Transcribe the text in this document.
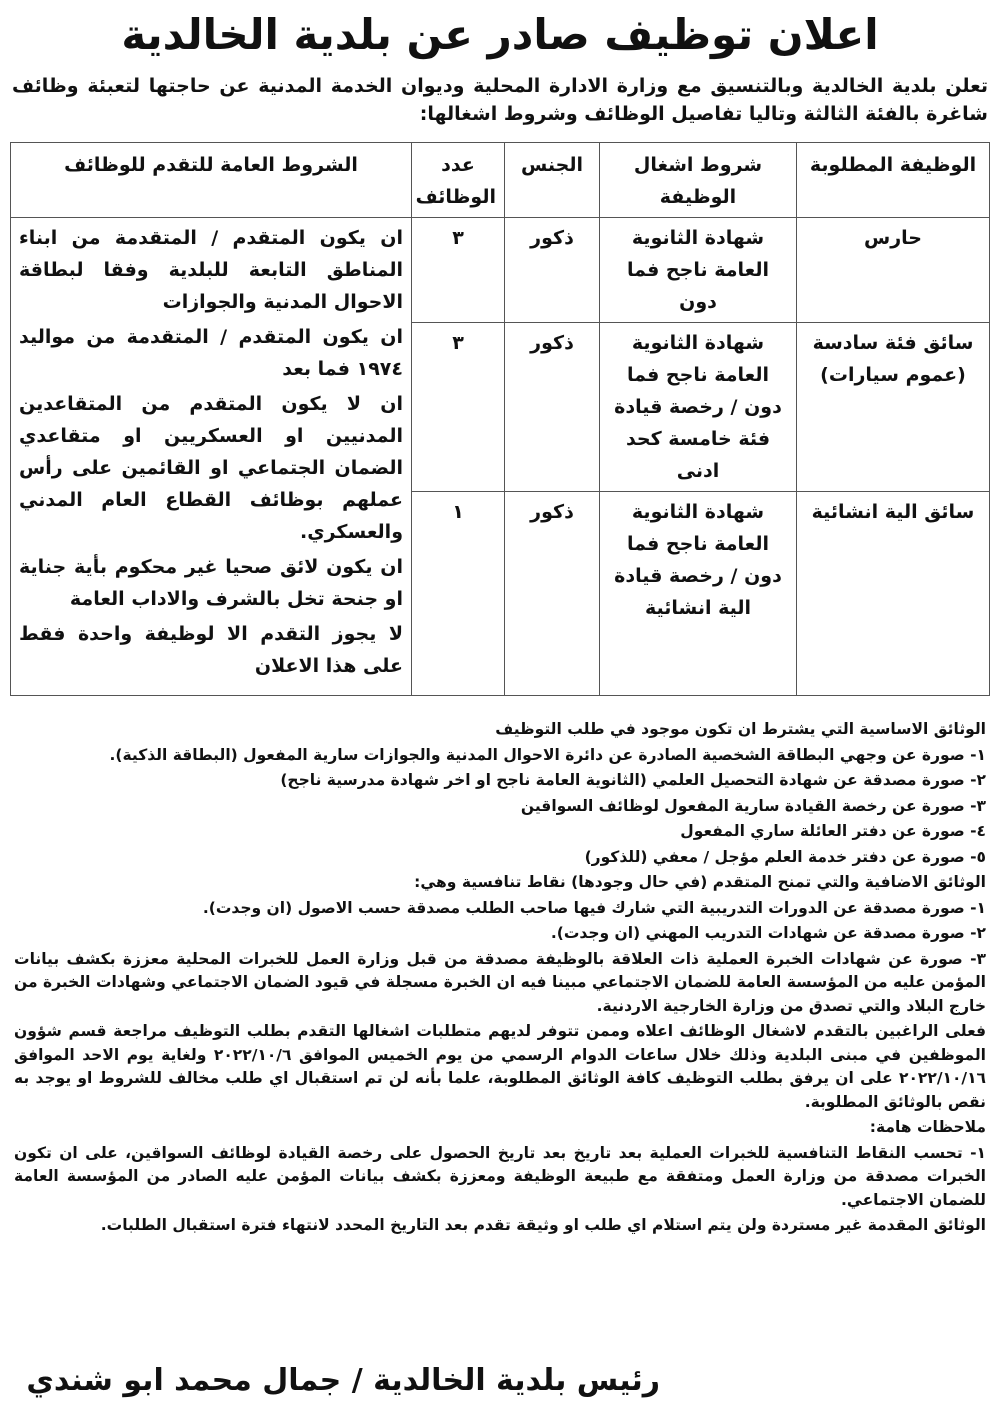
اعلان توظيف صادر عن بلدية الخالدية

تعلن بلدية الخالدية وبالتنسيق مع وزارة الادارة المحلية وديوان الخدمة المدنية عن حاجتها لتعبئة وظائف شاغرة بالفئة الثالثة وتاليا تفاصيل الوظائف وشروط اشغالها:

الوظيفة المطلوبة	شروط اشغال الوظيفة	الجنس	عدد الوظائف	الشروط العامة للتقدم للوظائف
حارس	شهادة الثانوية العامة ناجح فما دون	ذكور	٣	ان يكون المتقدم / المتقدمة من ابناء المناطق التابعة للبلدية وفقا لبطاقة الاحوال المدنية والجوازات

ان يكون المتقدم / المتقدمة من مواليد ١٩٧٤ فما بعد

ان لا يكون المتقدم من المتقاعدين المدنيين او العسكريين او متقاعدي الضمان الجتماعي او القائمين على رأس عملهم بوظائف القطاع العام المدني والعسكري.

ان يكون لائق صحيا غير محكوم بأية جناية او جنحة تخل بالشرف والاداب العامة

لا يجوز التقدم الا لوظيفة واحدة فقط على هذا الاعلان

سائق فئة سادسة (عموم سيارات)	شهادة الثانوية العامة ناجح فما دون / رخصة قيادة فئة خامسة كحد ادنى	ذكور	٣	
سائق الية انشائية	شهادة الثانوية العامة ناجح فما دون / رخصة قيادة الية انشائية	ذكور	١	

الوثائق الاساسية التي يشترط ان تكون موجود في طلب التوظيف

١- صورة عن وجهي البطاقة الشخصية الصادرة عن دائرة الاحوال المدنية والجوازات سارية المفعول (البطاقة الذكية).

٢- صورة مصدقة عن شهادة التحصيل العلمي (الثانوية العامة ناجح او اخر شهادة مدرسية ناجح)

٣- صورة عن رخصة القيادة سارية المفعول لوظائف السواقين

٤- صورة عن دفتر العائلة ساري المفعول

٥- صورة عن دفتر خدمة العلم مؤجل / معفي (للذكور)

الوثائق الاضافية والتي تمنح المتقدم (في حال وجودها) نقاط تنافسية وهي:

١- صورة مصدقة عن الدورات التدريبية التي شارك فيها صاحب الطلب مصدقة حسب الاصول (ان وجدت).

٢- صورة مصدقة عن شهادات التدريب المهني (ان وجدت).

٣- صورة عن شهادات الخبرة العملية ذات العلاقة بالوظيفة مصدقة من قبل وزارة العمل للخبرات المحلية معززة بكشف بيانات المؤمن عليه من المؤسسة العامة للضمان الاجتماعي مبينا فيه ان الخبرة مسجلة في قيود الضمان الاجتماعي وشهادات الخبرة من خارج البلاد والتي تصدق من وزارة الخارجية الاردنية.

فعلى الراغبين بالتقدم لاشغال الوظائف اعلاه وممن تتوفر لديهم متطلبات اشغالها التقدم بطلب التوظيف مراجعة قسم شؤون الموظفين في مبنى البلدية وذلك خلال ساعات الدوام الرسمي من يوم الخميس الموافق ٢٠٢٢/١٠/٦ ولغاية يوم الاحد الموافق ٢٠٢٢/١٠/١٦ على ان يرفق بطلب التوظيف كافة الوثائق المطلوبة، علما بأنه لن تم استقبال اي طلب مخالف للشروط او يوجد به نقص بالوثائق المطلوبة.

ملاحظات هامة:

١- تحسب النقاط التنافسية للخبرات العملية بعد تاريخ بعد تاريخ الحصول على رخصة القيادة لوظائف السواقين، على ان تكون الخبرات مصدقة من وزارة العمل ومتفقة مع طبيعة الوظيفة ومعززة بكشف بيانات المؤمن عليه الصادر من المؤسسة العامة للضمان الاجتماعي.

الوثائق المقدمة غير مستردة ولن يتم استلام اي طلب او وثيقة تقدم بعد التاريخ المحدد لانتهاء فترة استقبال الطلبات.

رئيس بلدية الخالدية / جمال محمد ابو شندي
